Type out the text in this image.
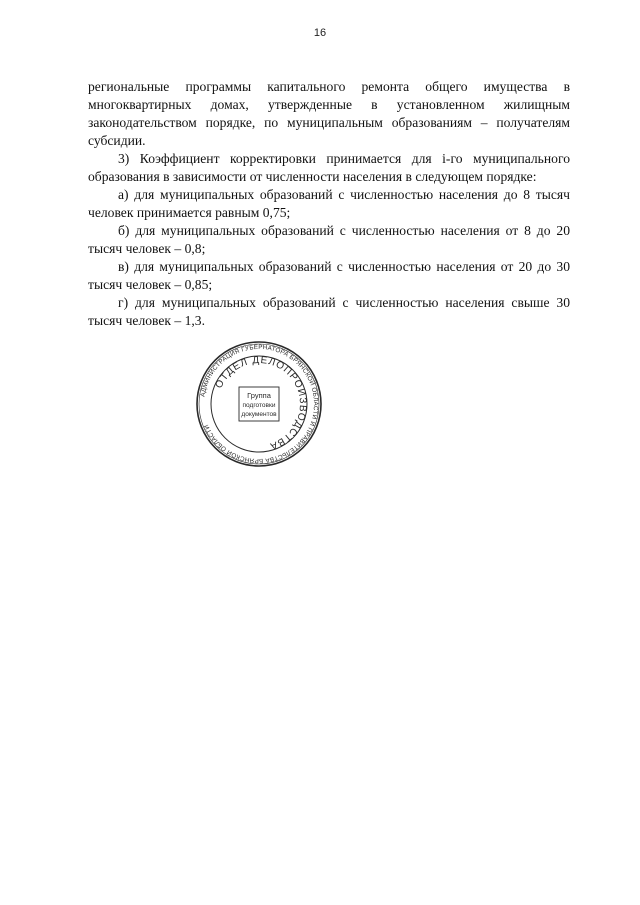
16

региональные программы капитального ремонта общего имущества в многоквартирных домах, утвержденные в установленном жилищным законодательством порядке, по муниципальным образованиям – получателям субсидии.

3) Коэффициент корректировки принимается для i-го муниципального образования в зависимости от численности населения в следующем порядке:

а) для муниципальных образований с численностью населения до 8 тысяч человек принимается равным 0,75;

б) для муниципальных образований с численностью населения от 8 до 20 тысяч человек – 0,8;

в) для муниципальных образований с численностью населения от 20 до 30 тысяч человек – 0,85;

г) для муниципальных образований с численностью населения свыше 30 тысяч человек – 1,3.

АДМИНИСТРАЦИЯ ГУБЕРНАТОРА БРЯНСКОЙ ОБЛАСТИ И ПРАВИТЕЛЬСТВА БРЯНСКОЙ ОБЛАСТИ
ОТДЕЛ ДЕЛОПРОИЗВОДСТВА
Группа
подготовки
документов
